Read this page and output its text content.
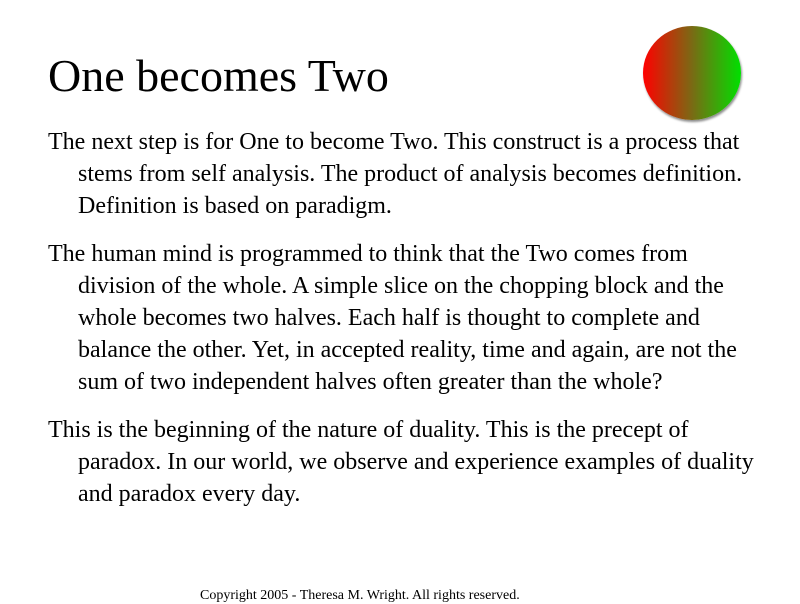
One becomes Two

The next step is for One to become Two. This construct is a process that stems from self analysis. The product of analysis becomes definition. Definition is based on paradigm.

The human mind is programmed to think that the Two comes from division of the whole. A simple slice on the chopping block and the whole becomes two halves. Each half is thought to complete and balance the other. Yet, in accepted reality, time and again, are not the sum of two independent halves often greater than the whole?

This is the beginning of the nature of duality. This is the precept of paradox. In our world, we observe and experience examples of duality and paradox every day.

Copyright 2005 - Theresa M. Wright. All rights reserved.
